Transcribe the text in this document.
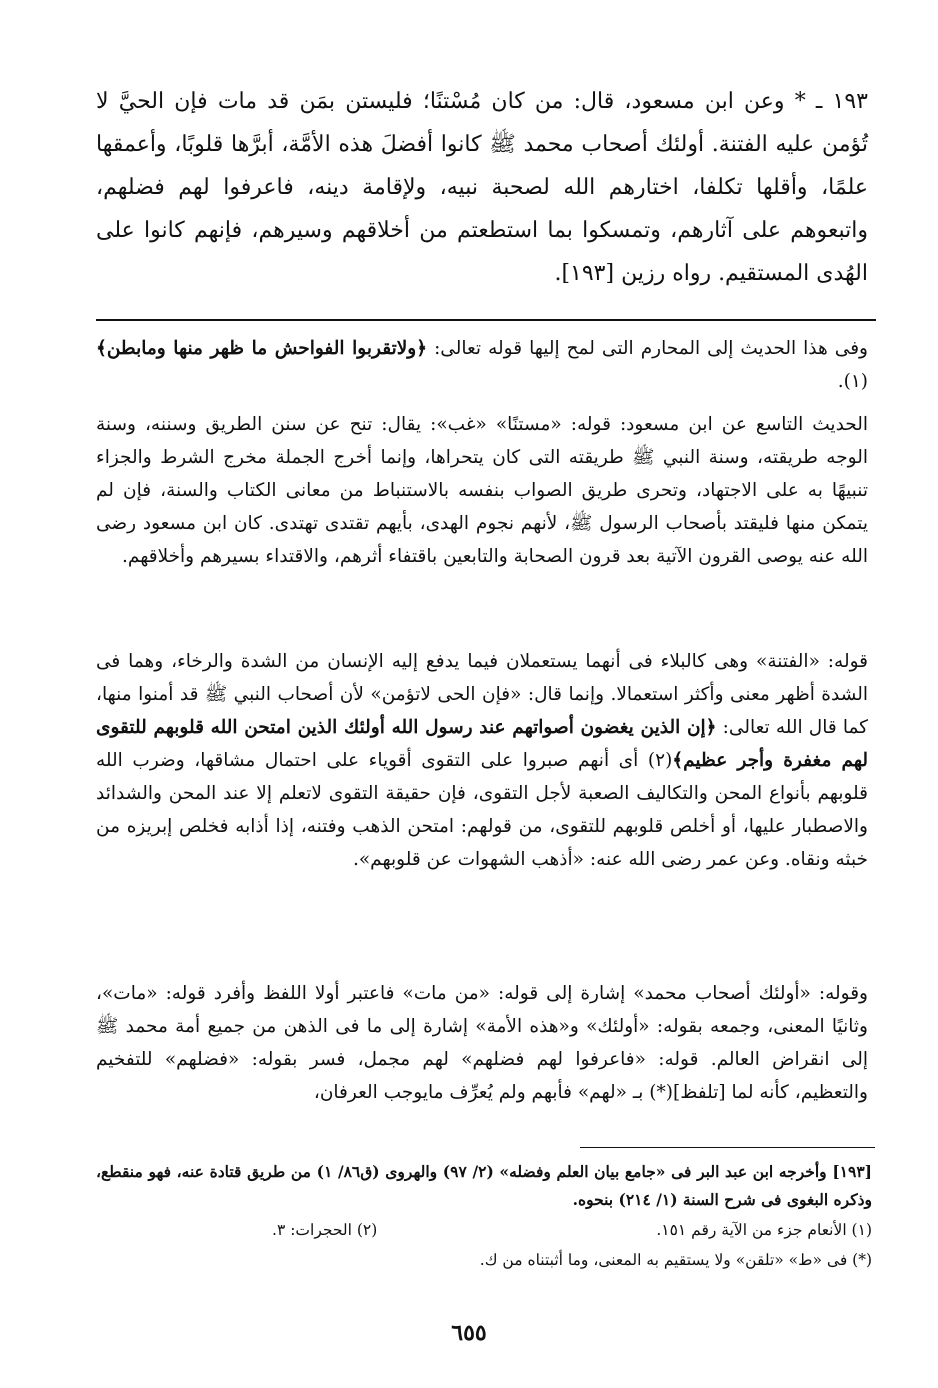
١٩٣ ـ * وعن ابن مسعود، قال: من كان مُسْتنًا؛ فليستن بمَن قد مات فإن الحيَّ لا تُؤمن عليه الفتنة. أولئك أصحاب محمد ﷺ كانوا أفضلَ هذه الأمَّة، أبرَّها قلوبًا، وأعمقها علمًا، وأقلها تكلفا، اختارهم الله لصحبة نبيه، ولإقامة دينه، فاعرفوا لهم فضلهم، واتبعوهم على آثارهم، وتمسكوا بما استطعتم من أخلاقهم وسيرهم، فإنهم كانوا على الهُدى المستقيم. رواه رزين [١٩٣].

وفى هذا الحديث إلى المحارم التى لمح إليها قوله تعالى: ﴿ولاتقربوا الفواحش ما ظهر منها ومابطن﴾(١).

الحديث التاسع عن ابن مسعود: قوله: «مستنًا» «غب»: يقال: تنح عن سنن الطريق وسننه، وسنة الوجه طريقته، وسنة النبي ﷺ طريقته التى كان يتحراها، وإنما أخرج الجملة مخرج الشرط والجزاء تنبيهًا به على الاجتهاد، وتحرى طريق الصواب بنفسه بالاستنباط من معانى الكتاب والسنة، فإن لم يتمكن منها فليقتد بأصحاب الرسول ﷺ، لأنهم نجوم الهدى، بأيهم تقتدى تهتدى. كان ابن مسعود رضى الله عنه يوصى القرون الآتية بعد قرون الصحابة والتابعين باقتفاء أثرهم، والاقتداء بسيرهم وأخلاقهم.

قوله: «الفتنة» وهى كالبلاء فى أنهما يستعملان فيما يدفع إليه الإنسان من الشدة والرخاء، وهما فى الشدة أظهر معنى وأكثر استعمالا. وإنما قال: «فإن الحى لاتؤمن» لأن أصحاب النبي ﷺ قد أمنوا منها، كما قال الله تعالى: ﴿إن الذين يغضون أصواتهم عند رسول الله أولئك الذين امتحن الله قلوبهم للتقوى لهم مغفرة وأجر عظيم﴾(٢) أى أنهم صبروا على التقوى أقوياء على احتمال مشاقها، وضرب الله قلوبهم بأنواع المحن والتكاليف الصعبة لأجل التقوى، فإن حقيقة التقوى لاتعلم إلا عند المحن والشدائد والاصطبار عليها، أو أخلص قلوبهم للتقوى، من قولهم: امتحن الذهب وفتنه، إذا أذابه فخلص إبريزه من خبثه ونقاه. وعن عمر رضى الله عنه: «أذهب الشهوات عن قلوبهم».

وقوله: «أولئك أصحاب محمد» إشارة إلى قوله: «من مات» فاعتبر أولا اللفظ وأفرد قوله: «مات»، وثانيًا المعنى، وجمعه بقوله: «أولئك» و«هذه الأمة» إشارة إلى ما فى الذهن من جميع أمة محمد ﷺ إلى انقراض العالم. قوله: «فاعرفوا لهم فضلهم» لهم مجمل، فسر بقوله: «فضلهم» للتفخيم والتعظيم، كأنه لما [تلفظ](*) بـ «لهم» فأبهم ولم يُعرِّف مايوجب العرفان،

[١٩٣] وأخرجه ابن عبد البر فى «جامع بيان العلم وفضله» (٢/ ٩٧) والهروى (ق٨٦/ ١) من طريق قتادة عنه، فهو منقطع، وذكره البغوى فى شرح السنة (١/ ٢١٤) بنحوه.
(١) الأنعام جزء من الآية رقم ١٥١.
(٢) الحجرات: ٣.
(*) فى «ط» «تلقن» ولا يستقيم به المعنى، وما أثبتناه من ك.
٦٥٥
